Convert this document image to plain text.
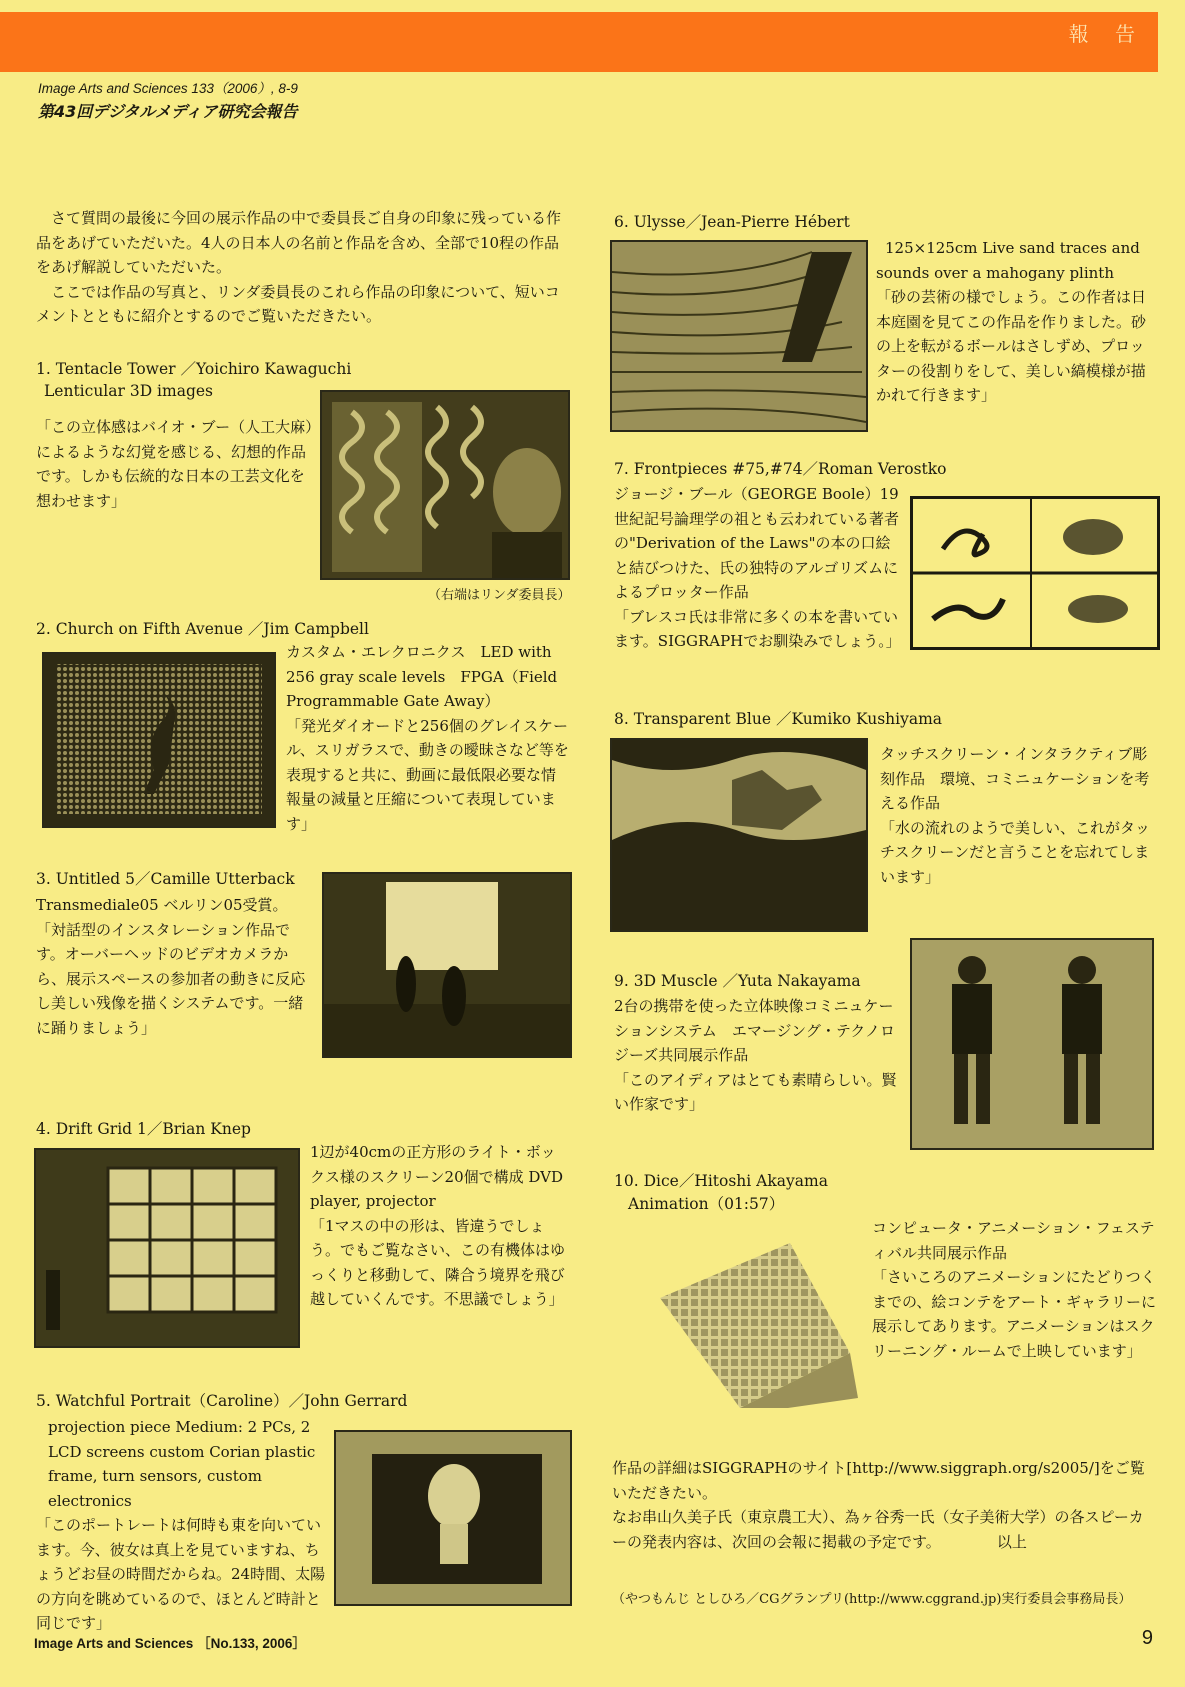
報 告
Image Arts and Sciences 133（2006）, 8-9
第43回デジタルメディア研究会報告

さて質問の最後に今回の展示作品の中で委員長ご自身の印象に残っている作品をあげていただいた。4人の日本人の名前と作品を含め、全部で10程の作品をあげ解説していただいた。

ここでは作品の写真と、リンダ委員長のこれら作品の印象について、短いコメントとともに紹介とするのでご覧いただきたい。

1. Tentacle Tower ／Yoichiro Kawaguchi
Lenticular 3D images
「この立体感はバイオ・ブー（人工大麻）によるような幻覚を感じる、幻想的作品です。しかも伝統的な日本の工芸文化を想わせます」
（右端はリンダ委員長）
2. Church on Fifth Avenue ／Jim Campbell

カスタム・エレクロニクス　LED with 256 gray scale levels　FPGA（Field Programmable Gate Away）

「発光ダイオードと256個のグレイスケール、スリガラスで、動きの曖昧さなど等を表現すると共に、動画に最低限必要な情報量の減量と圧縮について表現しています」

3. Untitled 5／Camille Utterback

Transmediale05 ベルリン05受賞。

「対話型のインスタレーション作品です。オーバーヘッドのビデオカメラから、展示スペースの参加者の動きに反応し美しい残像を描くシステムです。一緒に踊りましょう」

4. Drift Grid 1／Brian Knep

1辺が40cmの正方形のライト・ボックス様のスクリーン20個で構成 DVD player, projector

「1マスの中の形は、皆違うでしょう。でもご覧なさい、この有機体はゆっくりと移動して、隣合う境界を飛び越していくんです。不思議でしょう」

5. Watchful Portrait（Caroline）／John Gerrard

projection piece Medium: 2 PCs, 2 LCD screens custom Corian plastic frame, turn sensors, custom electronics

「このポートレートは何時も東を向いています。今、彼女は真上を見ていますね、ちょうどお昼の時間だからね。24時間、太陽の方向を眺めているので、ほとんど時計と同じです」

6. Ulysse／Jean-Pierre Hébert

125×125cm Live sand traces and sounds over a mahogany plinth

「砂の芸術の様でしょう。この作者は日本庭園を見てこの作品を作りました。砂の上を転がるボールはさしずめ、プロッターの役割りをして、美しい縞模様が描かれて行きます」

7. Frontpieces #75,#74／Roman Verostko

ジョージ・ブール（GEORGE Boole）19世紀記号論理学の祖とも云われている著者の"Derivation of the Laws"の本の口絵と結びつけた、氏の独特のアルゴリズムによるプロッター作品

「ブレスコ氏は非常に多くの本を書いています。SIGGRAPHでお馴染みでしょう。」

8. Transparent Blue ／Kumiko Kushiyama

タッチスクリーン・インタラクティブ彫刻作品　環境、コミニュケーションを考える作品

「水の流れのようで美しい、これがタッチスクリーンだと言うことを忘れてしまいます」

9. 3D Muscle ／Yuta Nakayama

2台の携帯を使った立体映像コミニュケーションシステム　エマージング・テクノロジーズ共同展示作品

「このアイディアはとても素晴らしい。賢い作家です」

10. Dice／Hitoshi Akayama
Animation（01:57）

コンピュータ・アニメーション・フェスティバル共同展示作品

「さいころのアニメーションにたどりつくまでの、絵コンテをアート・ギャラリーに展示してあります。アニメーションはスクリーニング・ルームで上映しています」

作品の詳細はSIGGRAPHのサイト[http://www.siggraph.org/s2005/]をご覧いただきたい。

なお串山久美子氏（東京農工大）、為ヶ谷秀一氏（女子美術大学）の各スピーカーの発表内容は、次回の会報に掲載の予定です。	以上

（やつもんじ としひろ／CGグランプリ(http://www.cggrand.jp)実行委員会事務局長）
Image Arts and Sciences ［No.133, 2006］	9
